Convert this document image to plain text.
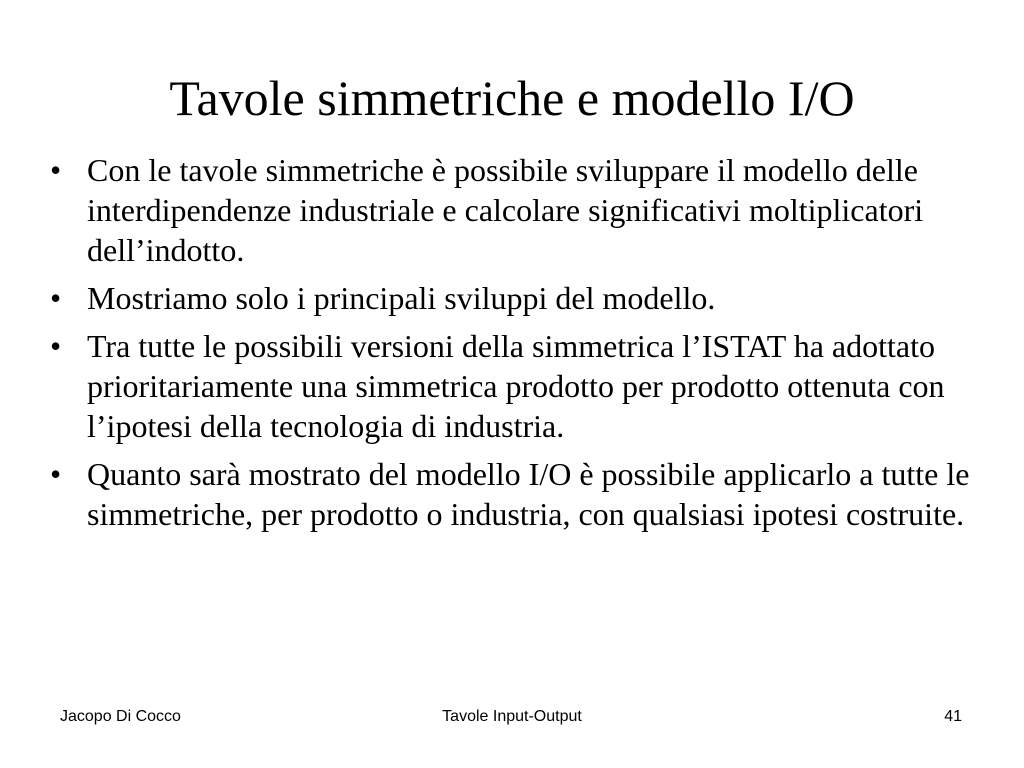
Tavole simmetriche e modello I/O
• Con le tavole simmetriche è possibile sviluppare il modello delle interdipendenze industriale e calcolare significativi moltiplicatori dell’indotto.
• Mostriamo solo i principali sviluppi del modello.
• Tra tutte le possibili versioni della simmetrica l’ISTAT ha adottato prioritariamente una simmetrica prodotto per prodotto ottenuta con l’ipotesi della tecnologia di industria.
• Quanto sarà mostrato del modello I/O è possibile applicarlo a tutte le simmetriche, per prodotto o industria, con qualsiasi ipotesi costruite.
Tavole Input-Output
Jacopo Di Cocco	41
